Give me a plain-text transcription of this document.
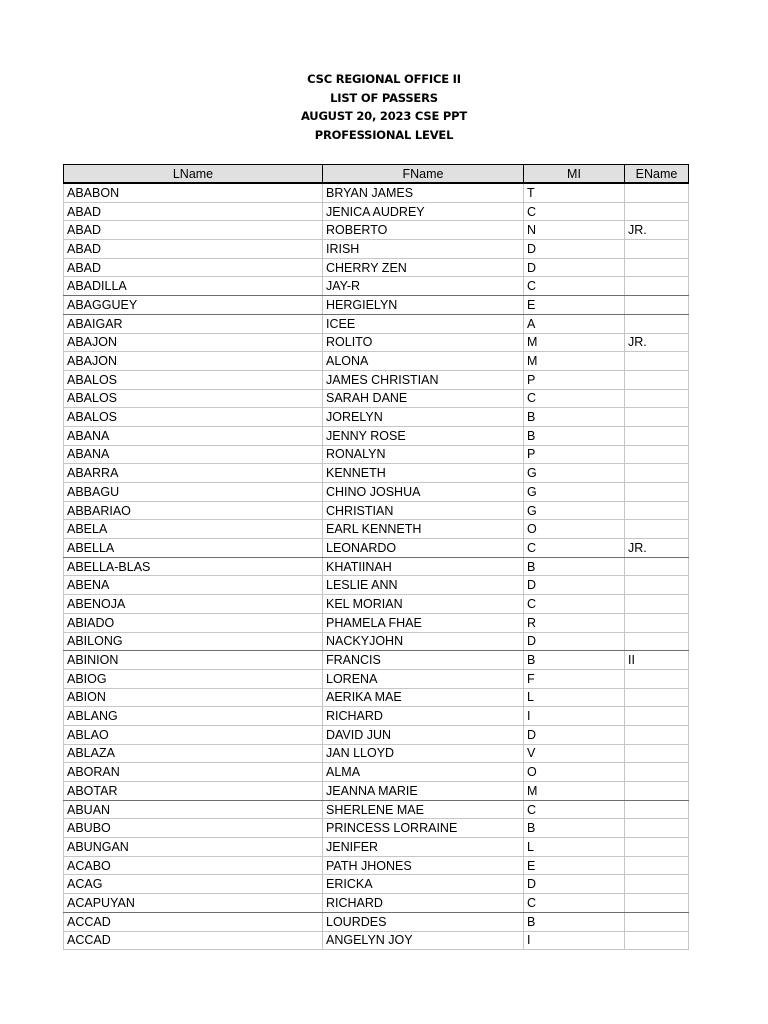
CSC REGIONAL OFFICE II
LIST OF PASSERS
AUGUST 20, 2023 CSE PPT
PROFESSIONAL LEVEL
LName	FName	MI	EName
ABABON	BRYAN JAMES	T	
ABAD	JENICA AUDREY	C	
ABAD	ROBERTO	N	JR.
ABAD	IRISH	D	
ABAD	CHERRY ZEN	D	
ABADILLA	JAY-R	C	
ABAGGUEY	HERGIELYN	E	
ABAIGAR	ICEE	A	
ABAJON	ROLITO	M	JR.
ABAJON	ALONA	M	
ABALOS	JAMES CHRISTIAN	P	
ABALOS	SARAH DANE	C	
ABALOS	JORELYN	B	
ABANA	JENNY ROSE	B	
ABANA	RONALYN	P	
ABARRA	KENNETH	G	
ABBAGU	CHINO JOSHUA	G	
ABBARIAO	CHRISTIAN	G	
ABELA	EARL KENNETH	O	
ABELLA	LEONARDO	C	JR.
ABELLA-BLAS	KHATIINAH	B	
ABENA	LESLIE ANN	D	
ABENOJA	KEL MORIAN	C	
ABIADO	PHAMELA FHAE	R	
ABILONG	NACKYJOHN	D	
ABINION	FRANCIS	B	II
ABIOG	LORENA	F	
ABION	AERIKA MAE	L	
ABLANG	RICHARD	I	
ABLAO	DAVID JUN	D	
ABLAZA	JAN LLOYD	V	
ABORAN	ALMA	O	
ABOTAR	JEANNA MARIE	M	
ABUAN	SHERLENE MAE	C	
ABUBO	PRINCESS LORRAINE	B	
ABUNGAN	JENIFER	L	
ACABO	PATH JHONES	E	
ACAG	ERICKA	D	
ACAPUYAN	RICHARD	C	
ACCAD	LOURDES	B	
ACCAD	ANGELYN JOY	I	
